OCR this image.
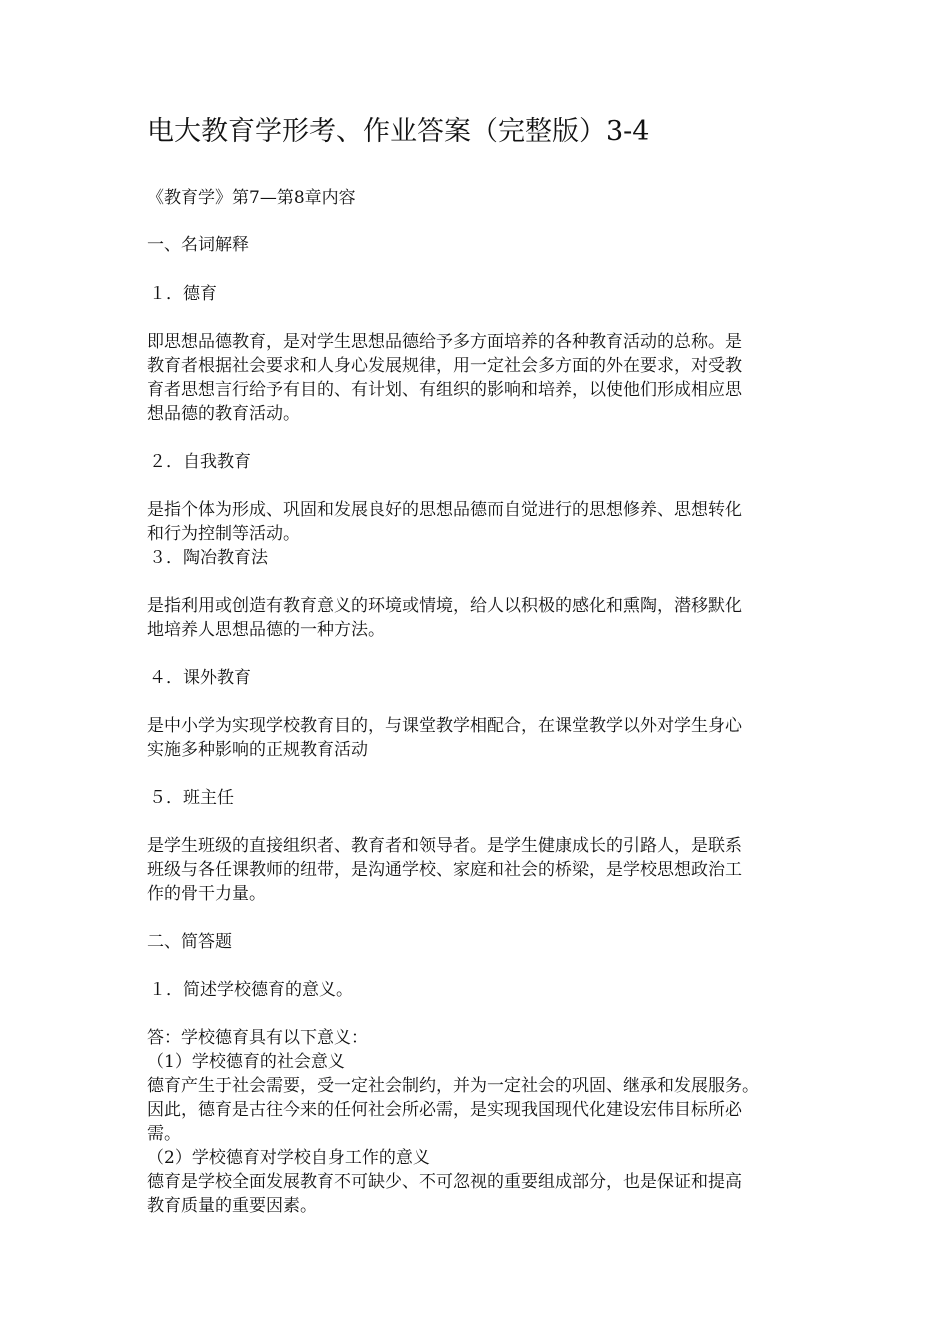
电大教育学形考、作业答案（完整版）3-4

《教育学》第7—第8章内容

一、名词解释

１．德育

即思想品德教育，是对学生思想品德给予多方面培养的各种教育活动的总称。是
教育者根据社会要求和人身心发展规律，用一定社会多方面的外在要求，对受教
育者思想言行给予有目的、有计划、有组织的影响和培养，以使他们形成相应思
想品德的教育活动。

２．自我教育

是指个体为形成、巩固和发展良好的思想品德而自觉进行的思想修养、思想转化
和行为控制等活动。

３．陶冶教育法

是指利用或创造有教育意义的环境或情境，给人以积极的感化和熏陶，潜移默化
地培养人思想品德的一种方法。

４．课外教育

是中小学为实现学校教育目的，与课堂教学相配合，在课堂教学以外对学生身心
实施多种影响的正规教育活动

５．班主任

是学生班级的直接组织者、教育者和领导者。是学生健康成长的引路人，是联系
班级与各任课教师的纽带，是沟通学校、家庭和社会的桥梁，是学校思想政治工
作的骨干力量。

二、简答题

１．简述学校德育的意义。

答：学校德育具有以下意义：
（1）学校德育的社会意义
德育产生于社会需要，受一定社会制约，并为一定社会的巩固、继承和发展服务。
因此，德育是古往今来的任何社会所必需，是实现我国现代化建设宏伟目标所必
需。
（2）学校德育对学校自身工作的意义
德育是学校全面发展教育不可缺少、不可忽视的重要组成部分，也是保证和提高
教育质量的重要因素。
